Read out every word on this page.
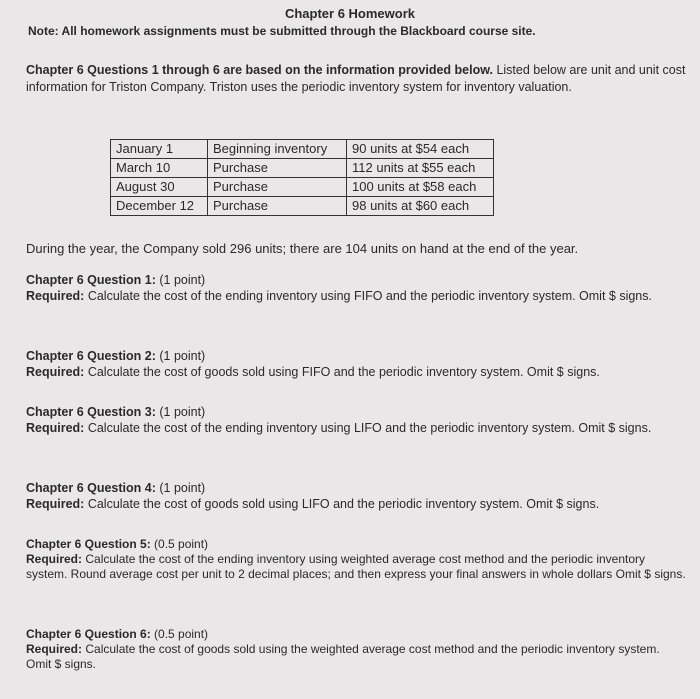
Chapter 6 Homework
Note: All homework assignments must be submitted through the Blackboard course site.
Chapter 6 Questions 1 through 6 are based on the information provided below. Listed below are unit and unit cost information for Triston Company. Triston uses the periodic inventory system for inventory valuation.
January 1	Beginning inventory	90 units at $54 each
March 10	Purchase	112 units at $55 each
August 30	Purchase	100 units at $58 each
December 12	Purchase	98 units at $60 each
During the year, the Company sold 296 units; there are 104 units on hand at the end of the year.
Chapter 6 Question 1: (1 point)
Required: Calculate the cost of the ending inventory using FIFO and the periodic inventory system. Omit $ signs.
Chapter 6 Question 2: (1 point)
Required: Calculate the cost of goods sold using FIFO and the periodic inventory system. Omit $ signs.
Chapter 6 Question 3: (1 point)
Required: Calculate the cost of the ending inventory using LIFO and the periodic inventory system. Omit $ signs.
Chapter 6 Question 4: (1 point)
Required: Calculate the cost of goods sold using LIFO and the periodic inventory system. Omit $ signs.
Chapter 6 Question 5: (0.5 point)
Required: Calculate the cost of the ending inventory using weighted average cost method and the periodic inventory system. Round average cost per unit to 2 decimal places; and then express your final answers in whole dollars Omit $ signs.
Chapter 6 Question 6: (0.5 point)
Required: Calculate the cost of goods sold using the weighted average cost method and the periodic inventory system. Omit $ signs.
